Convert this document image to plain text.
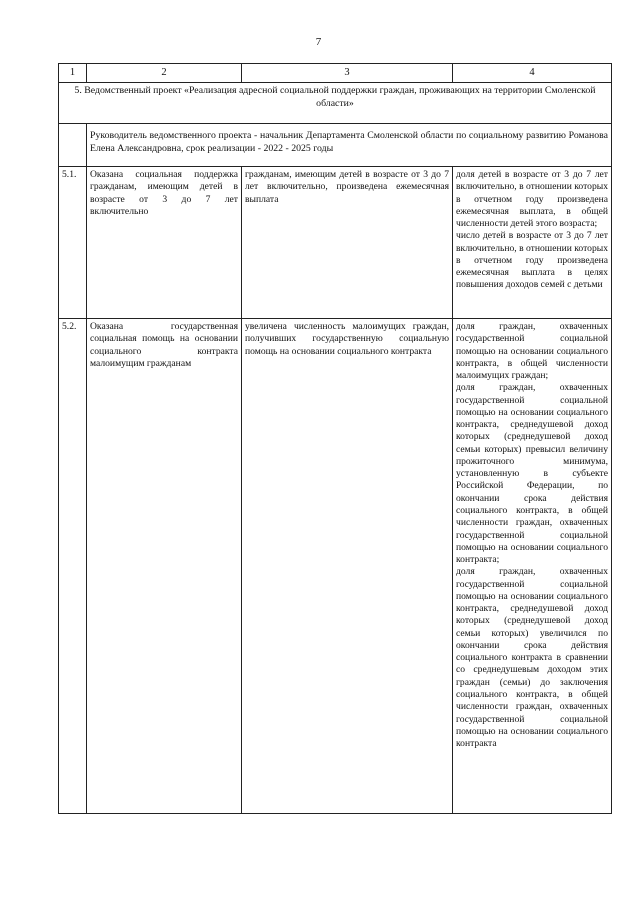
7
1	2	3	4
5. Ведомственный проект «Реализация адресной социальной поддержки граждан, проживающих на территории Смоленской области»			
	Руководитель ведомственного проекта - начальник Департамента Смоленской области по социальному развитию Романова Елена Александровна, срок реализации - 2022 - 2025 годы		
5.1.	Оказана социальная поддержка гражданам, имеющим детей в возрасте от 3 до 7 лет включительно	гражданам, имеющим детей в возрасте от 3 до 7 лет включительно, произведена ежемесячная выплата	доля детей в возрасте от 3 до 7 лет включительно, в отношении которых в отчетном году произведена ежемесячная выплата, в общей численности детей этого возраста;
число детей в возрасте от 3 до 7 лет включительно, в отношении которых в отчетном году произведена ежемесячная выплата в целях повышения доходов семей с детьми

5.2.	Оказана государственная социальная помощь на основании социального контракта малоимущим гражданам	увеличена численность малоимущих граждан, получивших государственную социальную помощь на основании социального контракта	доля граждан, охваченных государственной социальной помощью на основании социального контракта, в общей численности малоимущих граждан;
доля граждан, охваченных государственной социальной помощью на основании социального контракта, среднедушевой доход которых (среднедушевой доход семьи которых) превысил величину прожиточного минимума, установленную в субъекте Российской Федерации, по окончании срока действия социального контракта, в общей численности граждан, охваченных государственной социальной помощью на основании социального контракта;
доля граждан, охваченных государственной социальной помощью на основании социального контракта, среднедушевой доход которых (среднедушевой доход семьи которых) увеличился по окончании срока действия социального контракта в сравнении со среднедушевым доходом этих граждан (семьи) до заключения социального контракта, в общей численности граждан, охваченных государственной социальной помощью на основании социального контракта
